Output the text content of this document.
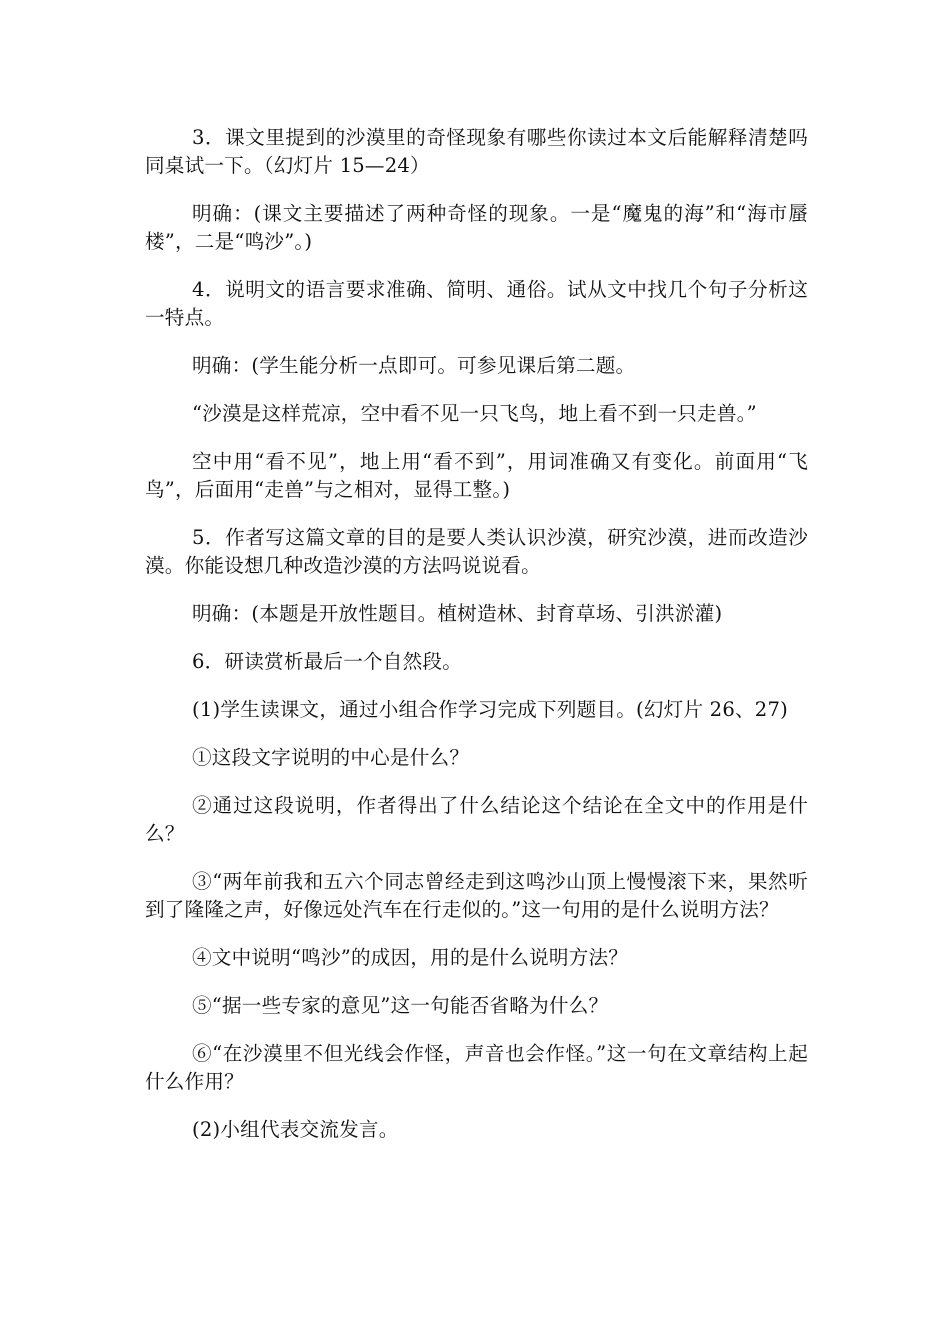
3．课文里提到的沙漠里的奇怪现象有哪些你读过本文后能解释清楚吗同桌试一下。（幻灯片 15—24）

明确：(课文主要描述了两种奇怪的现象。一是“魔鬼的海”和“海市蜃楼”，二是“鸣沙”。)

4．说明文的语言要求准确、简明、通俗。试从文中找几个句子分析这一特点。

明确：(学生能分析一点即可。可参见课后第二题。

“沙漠是这样荒凉，空中看不见一只飞鸟，地上看不到一只走兽。”

空中用“看不见”，地上用“看不到”，用词准确又有变化。前面用“飞鸟”，后面用“走兽”与之相对，显得工整。)

5．作者写这篇文章的目的是要人类认识沙漠，研究沙漠，进而改造沙漠。你能设想几种改造沙漠的方法吗说说看。

明确：(本题是开放性题目。植树造林、封育草场、引洪淤灌)

6．研读赏析最后一个自然段。

(1)学生读课文，通过小组合作学习完成下列题目。(幻灯片 26、27)

①这段文字说明的中心是什么？

②通过这段说明，作者得出了什么结论这个结论在全文中的作用是什么？

③“两年前我和五六个同志曾经走到这鸣沙山顶上慢慢滚下来，果然听到了隆隆之声，好像远处汽车在行走似的。”这一句用的是什么说明方法？

④文中说明“鸣沙”的成因，用的是什么说明方法？

⑤“据一些专家的意见”这一句能否省略为什么？

⑥“在沙漠里不但光线会作怪，声音也会作怪。”这一句在文章结构上起什么作用？

(2)小组代表交流发言。
